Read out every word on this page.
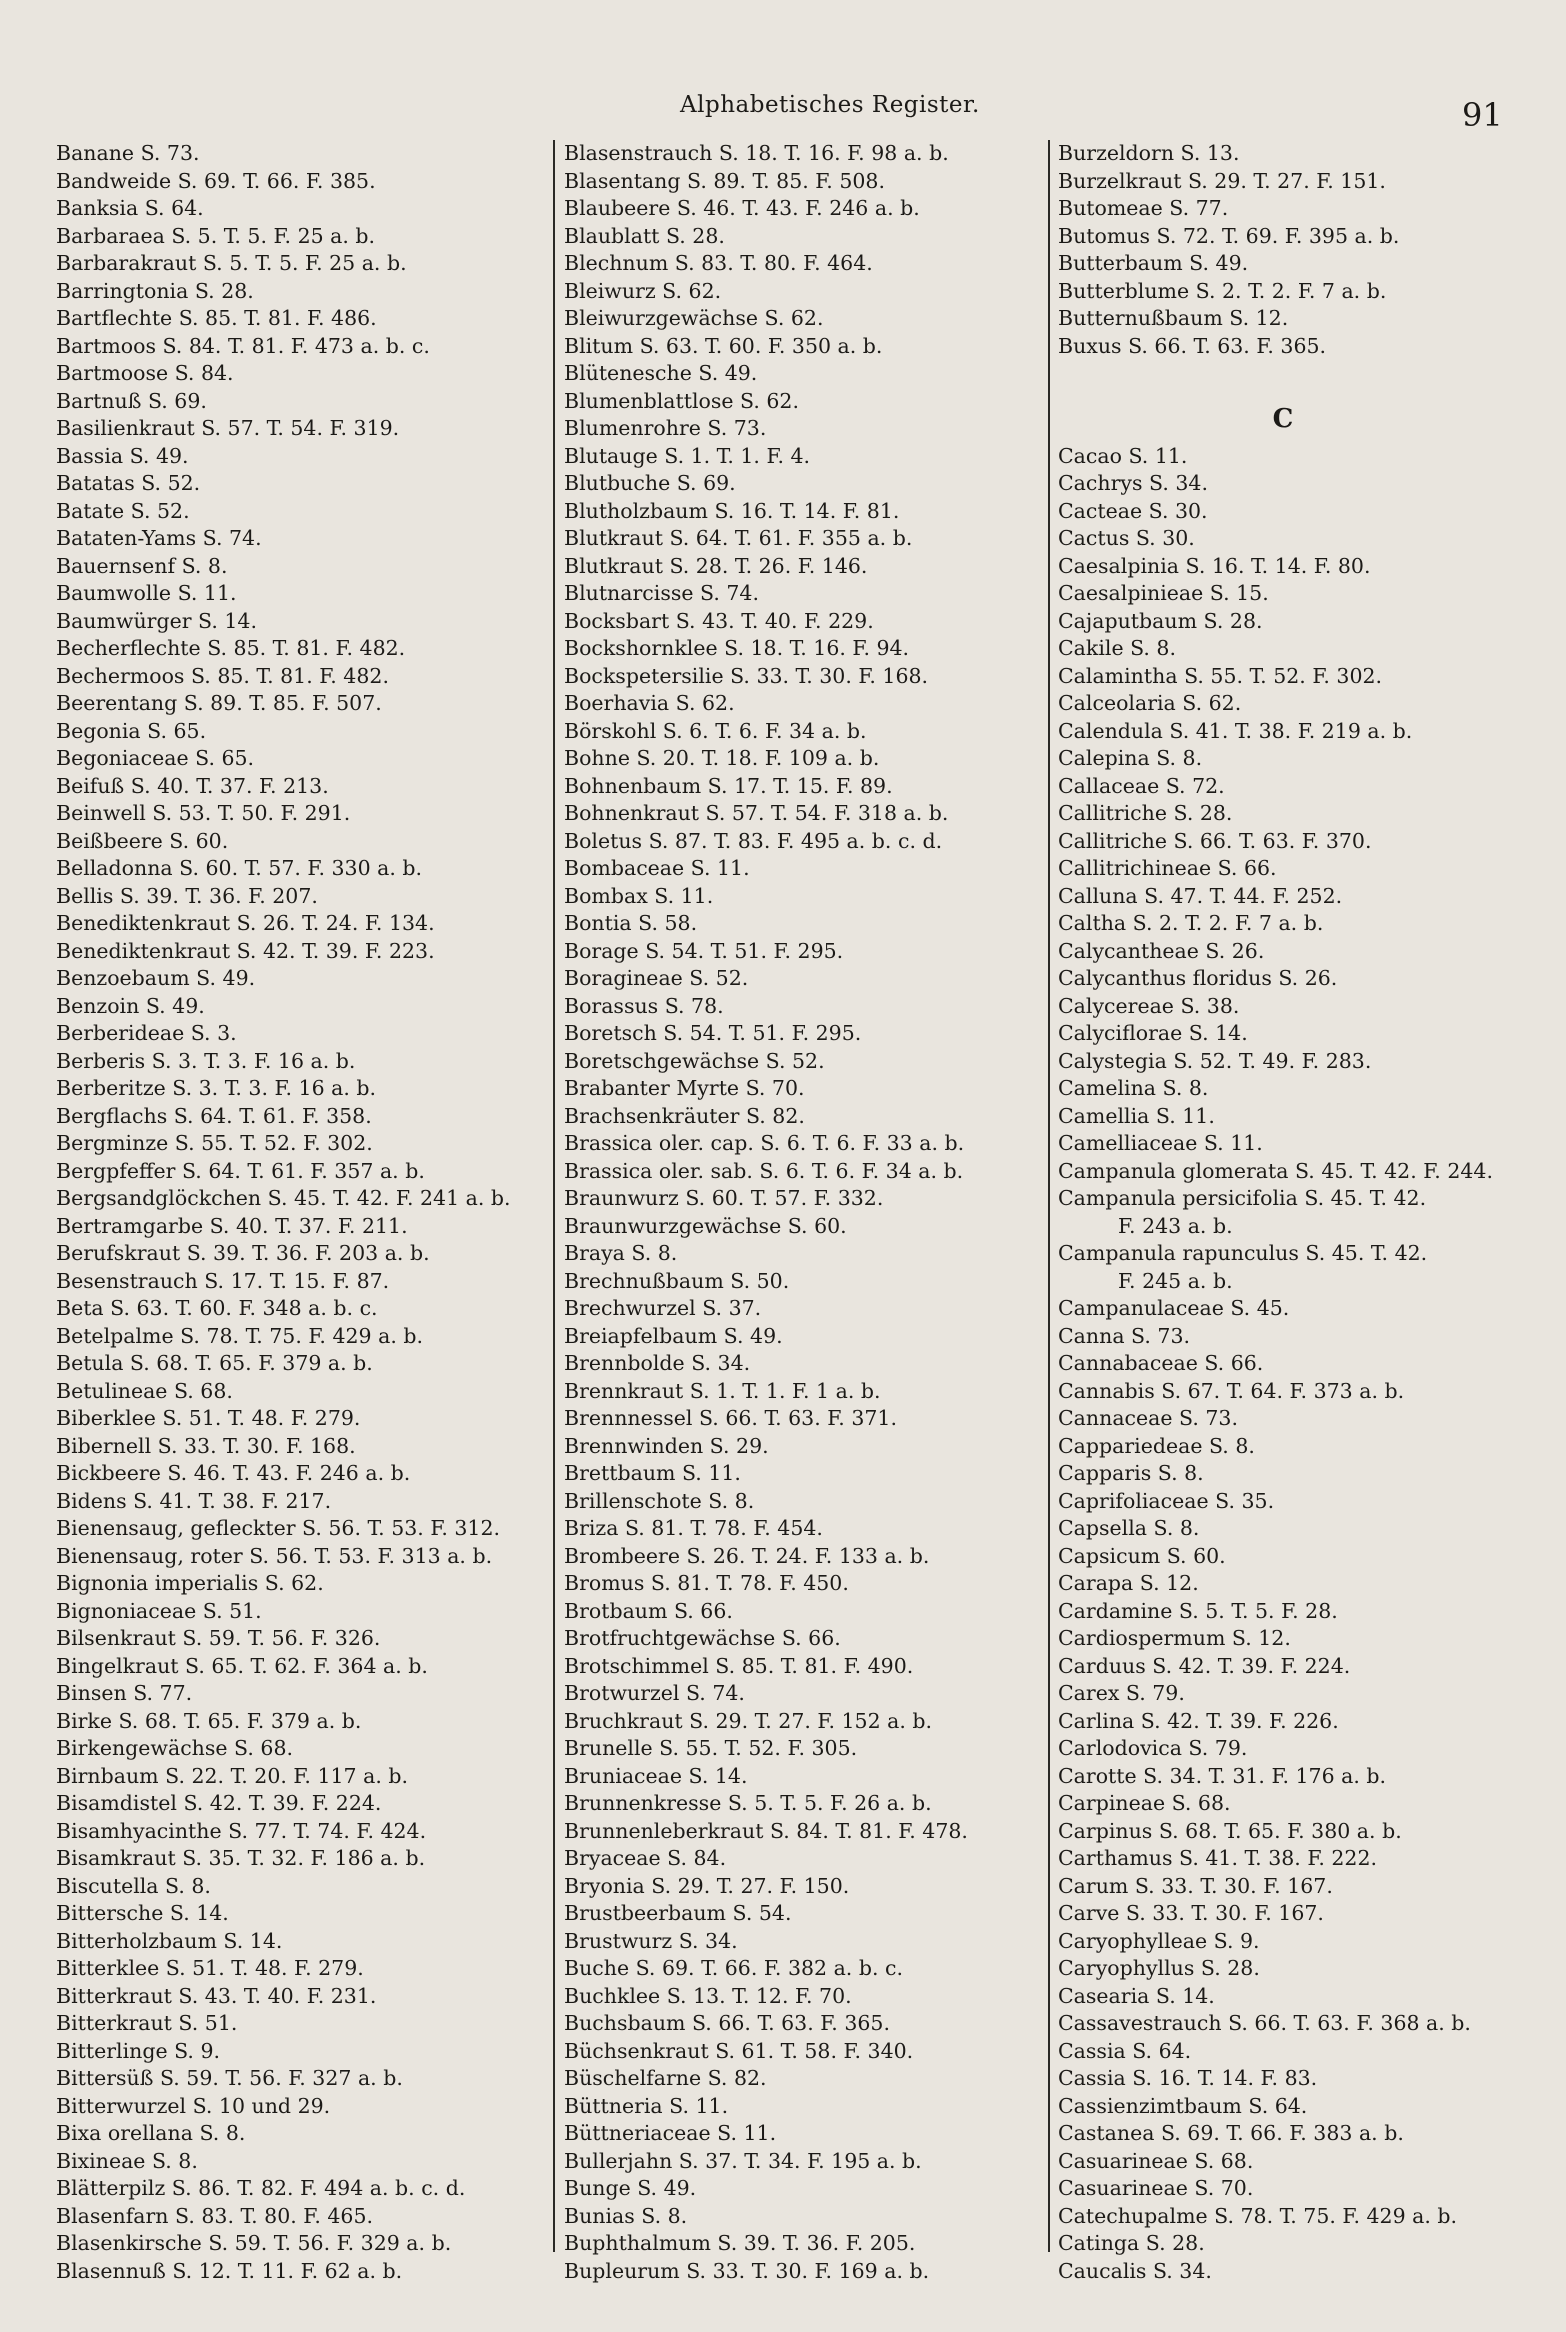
Alphabetisches Register.	91
Banane S. 73.
Bandweide S. 69. T. 66. F. 385.
Banksia S. 64.
Barbaraea S. 5. T. 5. F. 25 a. b.
Barbarakraut S. 5. T. 5. F. 25 a. b.
Barringtonia S. 28.
Bartflechte S. 85. T. 81. F. 486.
Bartmoos S. 84. T. 81. F. 473 a. b. c.
Bartmoose S. 84.
Bartnuß S. 69.
Basilienkraut S. 57. T. 54. F. 319.
Bassia S. 49.
Batatas S. 52.
Batate S. 52.
Bataten-Yams S. 74.
Bauernsenf S. 8.
Baumwolle S. 11.
Baumwürger S. 14.
Becherflechte S. 85. T. 81. F. 482.
Bechermoos S. 85. T. 81. F. 482.
Beerentang S. 89. T. 85. F. 507.
Begonia S. 65.
Begoniaceae S. 65.
Beifuß S. 40. T. 37. F. 213.
Beinwell S. 53. T. 50. F. 291.
Beißbeere S. 60.
Belladonna S. 60. T. 57. F. 330 a. b.
Bellis S. 39. T. 36. F. 207.
Benediktenkraut S. 26. T. 24. F. 134.
Benediktenkraut S. 42. T. 39. F. 223.
Benzoebaum S. 49.
Benzoin S. 49.
Berberideae S. 3.
Berberis S. 3. T. 3. F. 16 a. b.
Berberitze S. 3. T. 3. F. 16 a. b.
Bergflachs S. 64. T. 61. F. 358.
Bergminze S. 55. T. 52. F. 302.
Bergpfeffer S. 64. T. 61. F. 357 a. b.
Bergsandglöckchen S. 45. T. 42. F. 241 a. b.
Bertramgarbe S. 40. T. 37. F. 211.
Berufskraut S. 39. T. 36. F. 203 a. b.
Besenstrauch S. 17. T. 15. F. 87.
Beta S. 63. T. 60. F. 348 a. b. c.
Betelpalme S. 78. T. 75. F. 429 a. b.
Betula S. 68. T. 65. F. 379 a. b.
Betulineae S. 68.
Biberklee S. 51. T. 48. F. 279.
Bibernell S. 33. T. 30. F. 168.
Bickbeere S. 46. T. 43. F. 246 a. b.
Bidens S. 41. T. 38. F. 217.
Bienensaug, gefleckter S. 56. T. 53. F. 312.
Bienensaug, roter S. 56. T. 53. F. 313 a. b.
Bignonia imperialis S. 62.
Bignoniaceae S. 51.
Bilsenkraut S. 59. T. 56. F. 326.
Bingelkraut S. 65. T. 62. F. 364 a. b.
Binsen S. 77.
Birke S. 68. T. 65. F. 379 a. b.
Birkengewächse S. 68.
Birnbaum S. 22. T. 20. F. 117 a. b.
Bisamdistel S. 42. T. 39. F. 224.
Bisamhyacinthe S. 77. T. 74. F. 424.
Bisamkraut S. 35. T. 32. F. 186 a. b.
Biscutella S. 8.
Bittersche S. 14.
Bitterholzbaum S. 14.
Bitterklee S. 51. T. 48. F. 279.
Bitterkraut S. 43. T. 40. F. 231.
Bitterkraut S. 51.
Bitterlinge S. 9.
Bittersüß S. 59. T. 56. F. 327 a. b.
Bitterwurzel S. 10 und 29.
Bixa orellana S. 8.
Bixineae S. 8.
Blätterpilz S. 86. T. 82. F. 494 a. b. c. d.
Blasenfarn S. 83. T. 80. F. 465.
Blasenkirsche S. 59. T. 56. F. 329 a. b.
Blasennuß S. 12. T. 11. F. 62 a. b.
Blasenstrauch S. 18. T. 16. F. 98 a. b.
Blasentang S. 89. T. 85. F. 508.
Blaubeere S. 46. T. 43. F. 246 a. b.
Blaublatt S. 28.
Blechnum S. 83. T. 80. F. 464.
Bleiwurz S. 62.
Bleiwurzgewächse S. 62.
Blitum S. 63. T. 60. F. 350 a. b.
Blütenesche S. 49.
Blumenblattlose S. 62.
Blumenrohre S. 73.
Blutauge S. 1. T. 1. F. 4.
Blutbuche S. 69.
Blutholzbaum S. 16. T. 14. F. 81.
Blutkraut S. 64. T. 61. F. 355 a. b.
Blutkraut S. 28. T. 26. F. 146.
Blutnarcisse S. 74.
Bocksbart S. 43. T. 40. F. 229.
Bockshornklee S. 18. T. 16. F. 94.
Bockspetersilie S. 33. T. 30. F. 168.
Boerhavia S. 62.
Börskohl S. 6. T. 6. F. 34 a. b.
Bohne S. 20. T. 18. F. 109 a. b.
Bohnenbaum S. 17. T. 15. F. 89.
Bohnenkraut S. 57. T. 54. F. 318 a. b.
Boletus S. 87. T. 83. F. 495 a. b. c. d.
Bombaceae S. 11.
Bombax S. 11.
Bontia S. 58.
Borage S. 54. T. 51. F. 295.
Boragineae S. 52.
Borassus S. 78.
Boretsch S. 54. T. 51. F. 295.
Boretschgewächse S. 52.
Brabanter Myrte S. 70.
Brachsenkräuter S. 82.
Brassica oler. cap. S. 6. T. 6. F. 33 a. b.
Brassica oler. sab. S. 6. T. 6. F. 34 a. b.
Braunwurz S. 60. T. 57. F. 332.
Braunwurzgewächse S. 60.
Braya S. 8.
Brechnußbaum S. 50.
Brechwurzel S. 37.
Breiapfelbaum S. 49.
Brennbolde S. 34.
Brennkraut S. 1. T. 1. F. 1 a. b.
Brennnessel S. 66. T. 63. F. 371.
Brennwinden S. 29.
Brettbaum S. 11.
Brillenschote S. 8.
Briza S. 81. T. 78. F. 454.
Brombeere S. 26. T. 24. F. 133 a. b.
Bromus S. 81. T. 78. F. 450.
Brotbaum S. 66.
Brotfruchtgewächse S. 66.
Brotschimmel S. 85. T. 81. F. 490.
Brotwurzel S. 74.
Bruchkraut S. 29. T. 27. F. 152 a. b.
Brunelle S. 55. T. 52. F. 305.
Bruniaceae S. 14.
Brunnenkresse S. 5. T. 5. F. 26 a. b.
Brunnenleberkraut S. 84. T. 81. F. 478.
Bryaceae S. 84.
Bryonia S. 29. T. 27. F. 150.
Brustbeerbaum S. 54.
Brustwurz S. 34.
Buche S. 69. T. 66. F. 382 a. b. c.
Buchklee S. 13. T. 12. F. 70.
Buchsbaum S. 66. T. 63. F. 365.
Büchsenkraut S. 61. T. 58. F. 340.
Büschelfarne S. 82.
Büttneria S. 11.
Büttneriaceae S. 11.
Bullerjahn S. 37. T. 34. F. 195 a. b.
Bunge S. 49.
Bunias S. 8.
Buphthalmum S. 39. T. 36. F. 205.
Bupleurum S. 33. T. 30. F. 169 a. b.
Burzeldorn S. 13.
Burzelkraut S. 29. T. 27. F. 151.
Butomeae S. 77.
Butomus S. 72. T. 69. F. 395 a. b.
Butterbaum S. 49.
Butterblume S. 2. T. 2. F. 7 a. b.
Butternußbaum S. 12.
Buxus S. 66. T. 63. F. 365.
C
Cacao S. 11.
Cachrys S. 34.
Cacteae S. 30.
Cactus S. 30.
Caesalpinia S. 16. T. 14. F. 80.
Caesalpinieae S. 15.
Cajaputbaum S. 28.
Cakile S. 8.
Calamintha S. 55. T. 52. F. 302.
Calceolaria S. 62.
Calendula S. 41. T. 38. F. 219 a. b.
Calepina S. 8.
Callaceae S. 72.
Callitriche S. 28.
Callitriche S. 66. T. 63. F. 370.
Callitrichineae S. 66.
Calluna S. 47. T. 44. F. 252.
Caltha S. 2. T. 2. F. 7 a. b.
Calycantheae S. 26.
Calycanthus floridus S. 26.
Calycereae S. 38.
Calyciflorae S. 14.
Calystegia S. 52. T. 49. F. 283.
Camelina S. 8.
Camellia S. 11.
Camelliaceae S. 11.
Campanula glomerata S. 45. T. 42. F. 244.
Campanula persicifolia S. 45. T. 42.
F. 243 a. b.
Campanula rapunculus S. 45. T. 42.
F. 245 a. b.
Campanulaceae S. 45.
Canna S. 73.
Cannabaceae S. 66.
Cannabis S. 67. T. 64. F. 373 a. b.
Cannaceae S. 73.
Cappariedeae S. 8.
Capparis S. 8.
Caprifoliaceae S. 35.
Capsella S. 8.
Capsicum S. 60.
Carapa S. 12.
Cardamine S. 5. T. 5. F. 28.
Cardiospermum S. 12.
Carduus S. 42. T. 39. F. 224.
Carex S. 79.
Carlina S. 42. T. 39. F. 226.
Carlodovica S. 79.
Carotte S. 34. T. 31. F. 176 a. b.
Carpineae S. 68.
Carpinus S. 68. T. 65. F. 380 a. b.
Carthamus S. 41. T. 38. F. 222.
Carum S. 33. T. 30. F. 167.
Carve S. 33. T. 30. F. 167.
Caryophylleae S. 9.
Caryophyllus S. 28.
Casearia S. 14.
Cassavestrauch S. 66. T. 63. F. 368 a. b.
Cassia S. 64.
Cassia S. 16. T. 14. F. 83.
Cassienzimtbaum S. 64.
Castanea S. 69. T. 66. F. 383 a. b.
Casuarineae S. 68.
Casuarineae S. 70.
Catechupalme S. 78. T. 75. F. 429 a. b.
Catinga S. 28.
Caucalis S. 34.
